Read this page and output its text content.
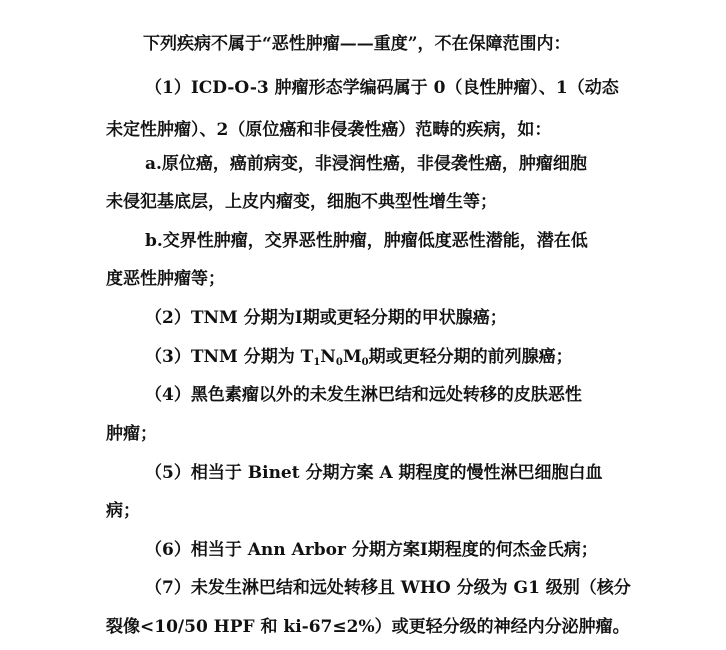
下列疾病不属于“恶性肿瘤——重度”，不在保障范围内：
（1）ICD-O-3 肿瘤形态学编码属于 0（良性肿瘤）、1（动态
未定性肿瘤）、2（原位癌和非侵袭性癌）范畴的疾病，如：
a.原位癌，癌前病变，非浸润性癌，非侵袭性癌，肿瘤细胞
未侵犯基底层，上皮内瘤变，细胞不典型性增生等；
b.交界性肿瘤，交界恶性肿瘤，肿瘤低度恶性潜能，潜在低
度恶性肿瘤等；
（2）TNM 分期为Ⅰ期或更轻分期的甲状腺癌；
（3）TNM 分期为 $T_1N_0M_0$期或更轻分期的前列腺癌；
（4）黑色素瘤以外的未发生淋巴结和远处转移的皮肤恶性
肿瘤；
（5）相当于 Binet 分期方案 A 期程度的慢性淋巴细胞白血
病；
（6）相当于 Ann Arbor 分期方案Ⅰ期程度的何杰金氏病；
（7）未发生淋巴结和远处转移且 WHO 分级为 G1 级别（核分
裂像<10/50 HPF 和 ki-67≤2%）或更轻分级的神经内分泌肿瘤。
